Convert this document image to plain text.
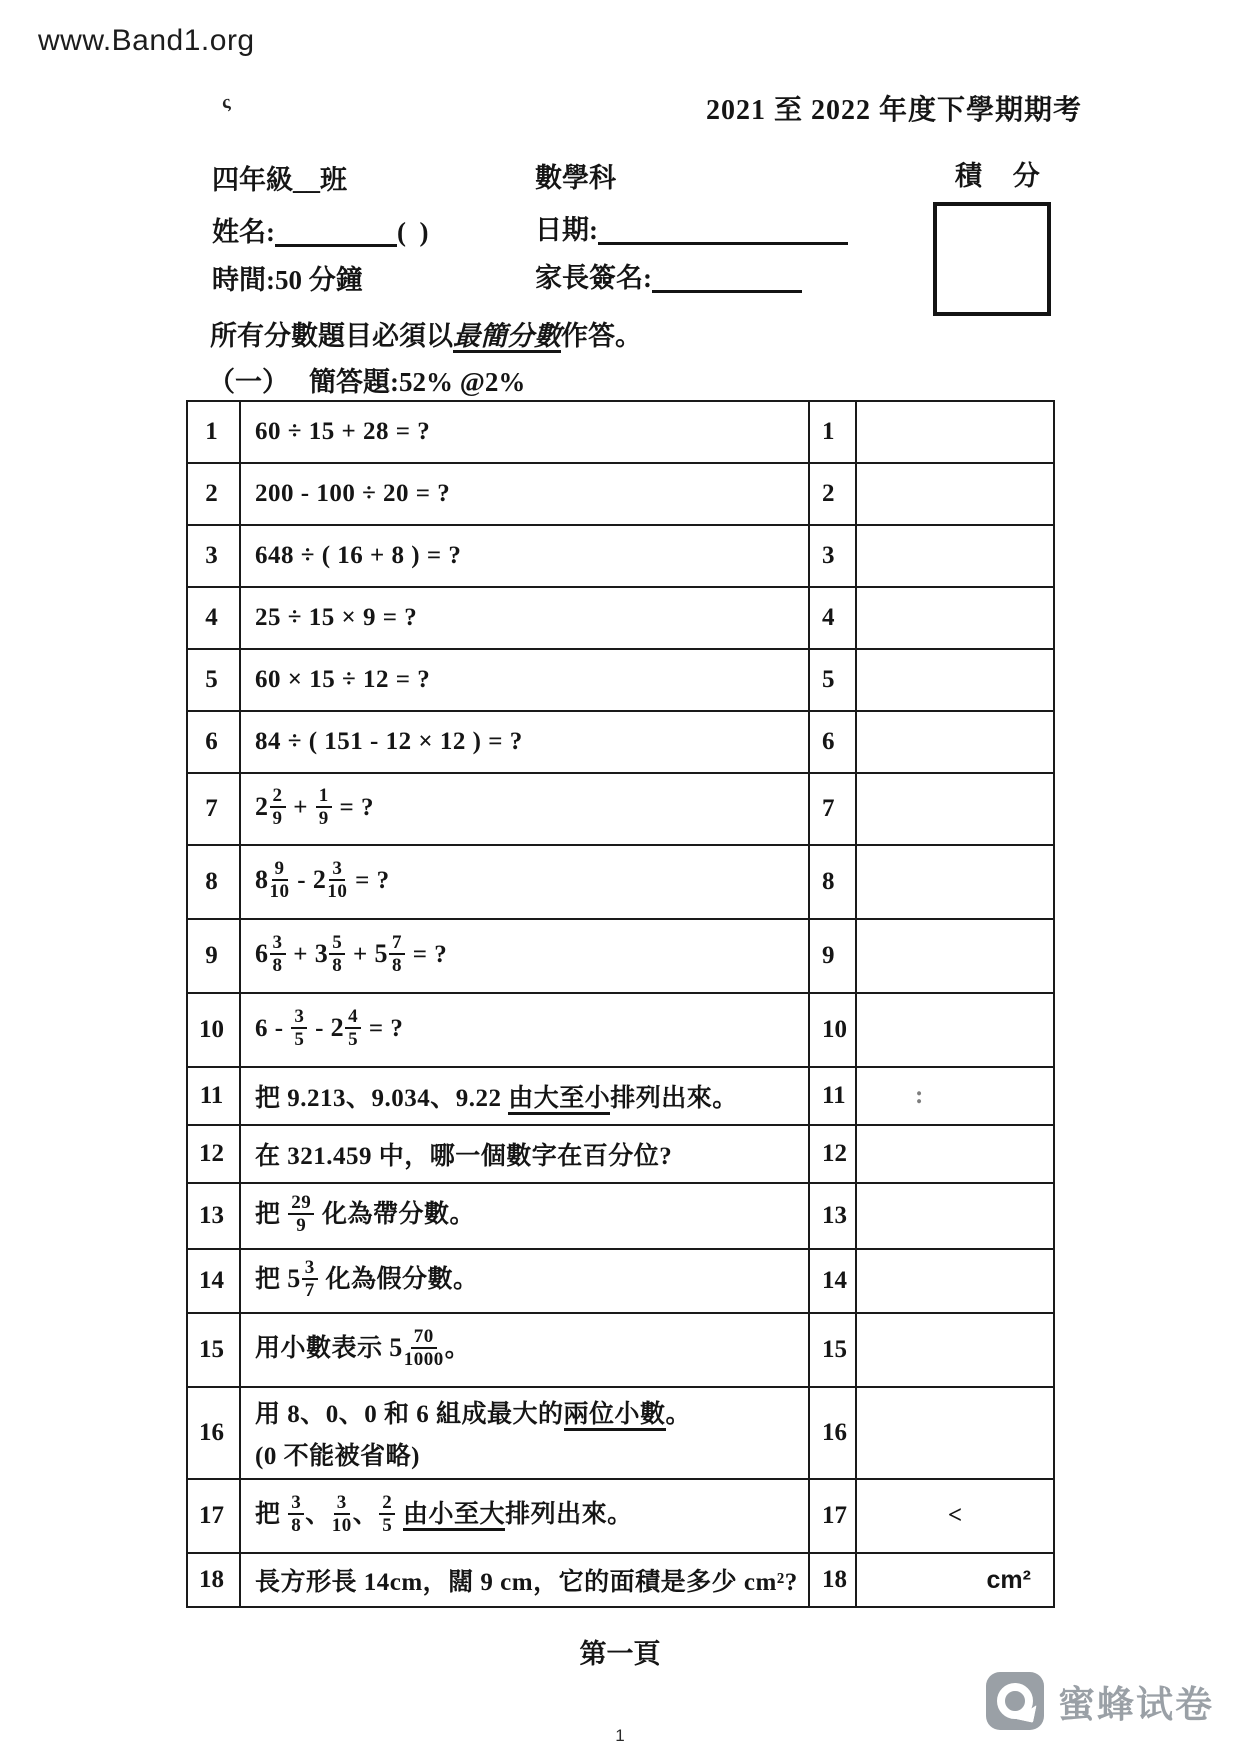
www.Band1.org
ς	2021 至 2022 年度下學期期考
四年級__班	數學科	積 分
姓名:	(  )	日期:
時間:50 分鐘	家長簽名:
所有分數題目必須以最簡分數作答。
（一） 簡答題:52% @2%
1	60 ÷ 15 + 28 = ?	1	
2	200 - 100 ÷ 20 = ?	2	
3	648 ÷ ( 16 + 8 ) = ?	3	
4	25 ÷ 15 × 9 = ?	4	
5	60 × 15 ÷ 12 = ?	5	
6	84 ÷ ( 151 - 12 × 12 ) = ?	6	
7	2 2
9 + 1
9 = ?	7	
8	8 9
10 - 2 3
10 = ?	8	
9	6 3
8 + 3 5
8 + 5 7
8 = ?	9	
10	6 - 3
5 - 2 4
5 = ?	10	
11	把 9.213、9.034、9.22 由大至小排列出來。	11	:

12	在 321.459 中，哪一個數字在百分位?	12	
13	把 29
9 化為帶分數。	13	
14	把 5 3
7 化為假分數。	14	
15	用小數表示 5 70
1000 。	15	
16	用 8、0、0 和 6 組成最大的兩位小數。
(0 不能被省略)	16	
17	把 3
8 、 3
10 、 2
5 由小至大排列出來。	17	<

18	長方形長 14cm，闊 9 cm，它的面積是多少 cm²?	18	cm²
第一頁
蜜蜂试卷
1
